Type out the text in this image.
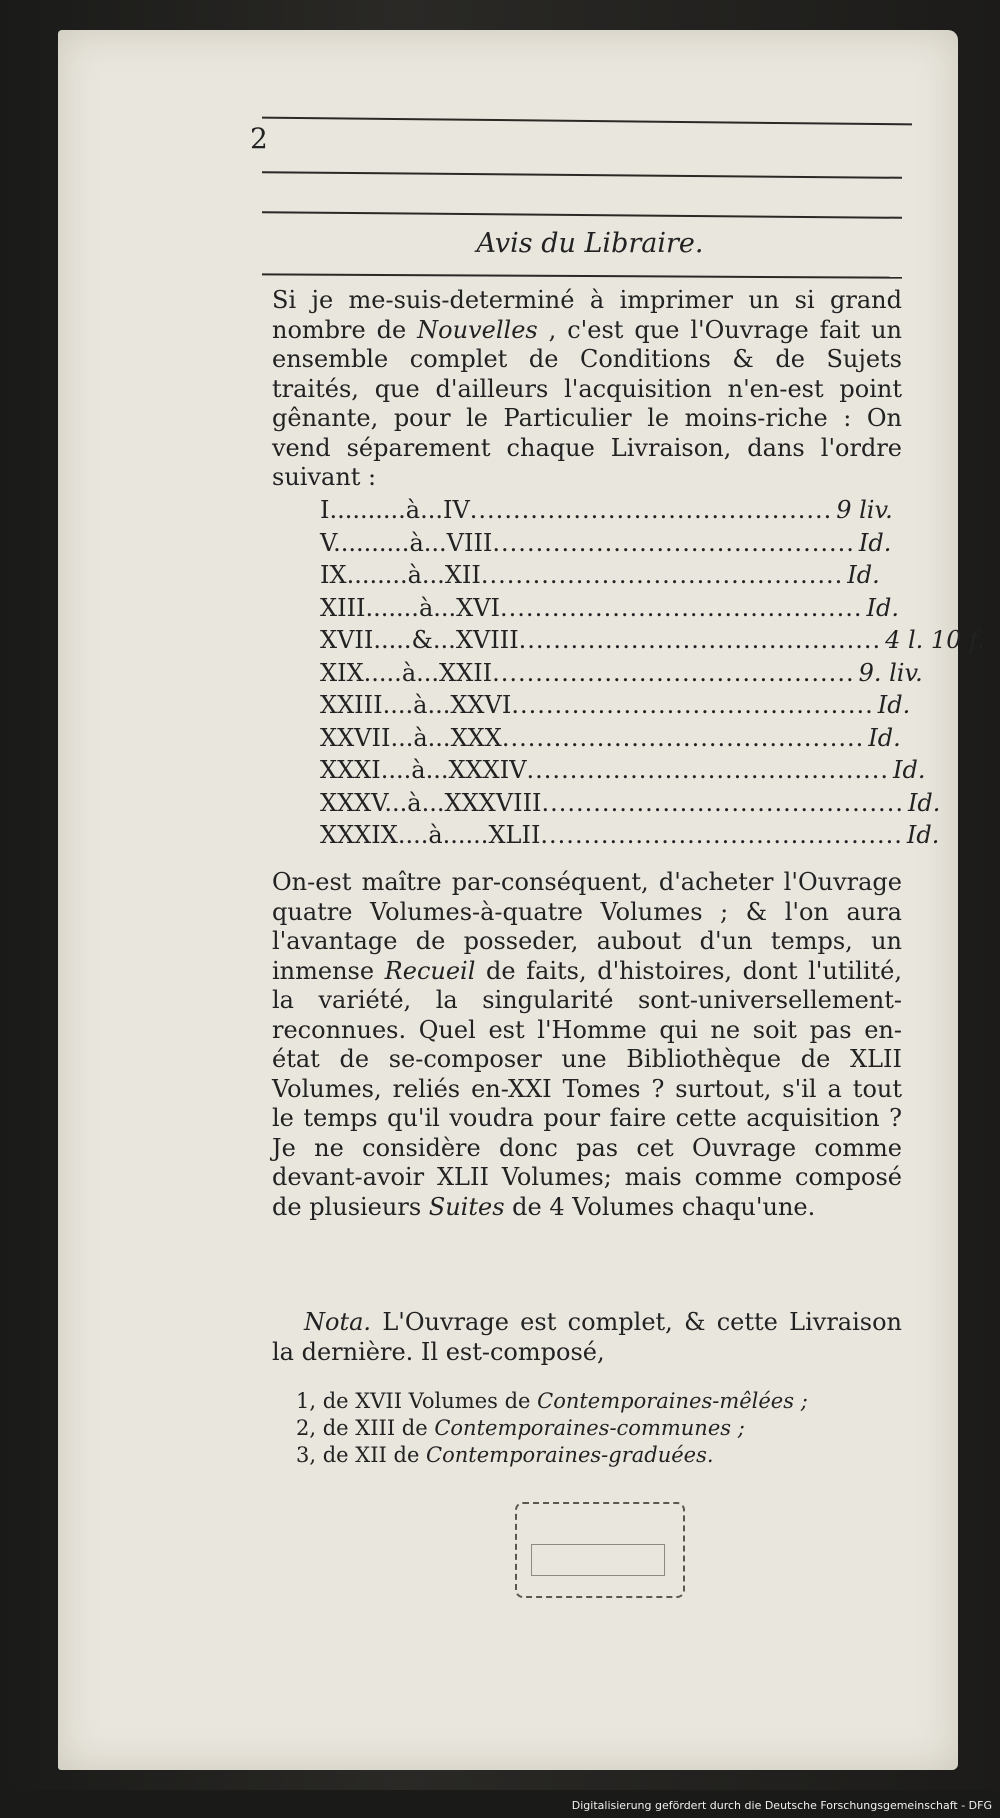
2
Avis du Libraire.

Si je me-suis-determiné à imprimer un si grand nombre de Nouvelles , c'est que l'Ouvrage fait un ensemble complet de Conditions & de Sujets traités, que d'ailleurs l'acquisition n'en-est point gênante, pour le Particulier le moins-riche : On vend séparement chaque Livraison, dans l'ordre suivant :

I..........à...IV .......................................... 9 liv.
V..........à...VIII .......................................... Id.
IX........à...XII .......................................... Id.
XIII.......à...XVI .......................................... Id.
XVII.....&...XVIII .......................................... 4 l. 10 f.
XIX.....à...XXII .......................................... 9. liv.
XXIII....à...XXVI .......................................... Id.
XXVII...à...XXX .......................................... Id.
XXXI....à...XXXIV .......................................... Id.
XXXV...à...XXXVIII .......................................... Id.
XXXIX....à......XLII .......................................... Id.

On-est maître par-conséquent, d'acheter l'Ouvrage quatre Volumes-à-quatre Volumes ; & l'on aura l'avantage de posseder, aubout d'un temps, un inmense Recueil de faits, d'histoires, dont l'utilité, la variété, la singularité sont-universellement-reconnues. Quel est l'Homme qui ne soit pas en-état de se-composer une Bibliothèque de XLII Volumes, reliés en-XXI Tomes ? surtout, s'il a tout le temps qu'il voudra pour faire cette acquisition ? Je ne considère donc pas cet Ouvrage comme devant-avoir XLII Volumes; mais comme composé de plusieurs Suites de 4 Volumes chaqu'une.

Nota. L'Ouvrage est complet, & cette Livraison la dernière. Il est-composé,

1, de XVII Volumes de Contemporaines-mêlées ;
2, de XIII de Contemporaines-communes ;
3, de XII de Contemporaines-graduées.
Digitalisierung gefördert durch die Deutsche Forschungsgemeinschaft - DFG
